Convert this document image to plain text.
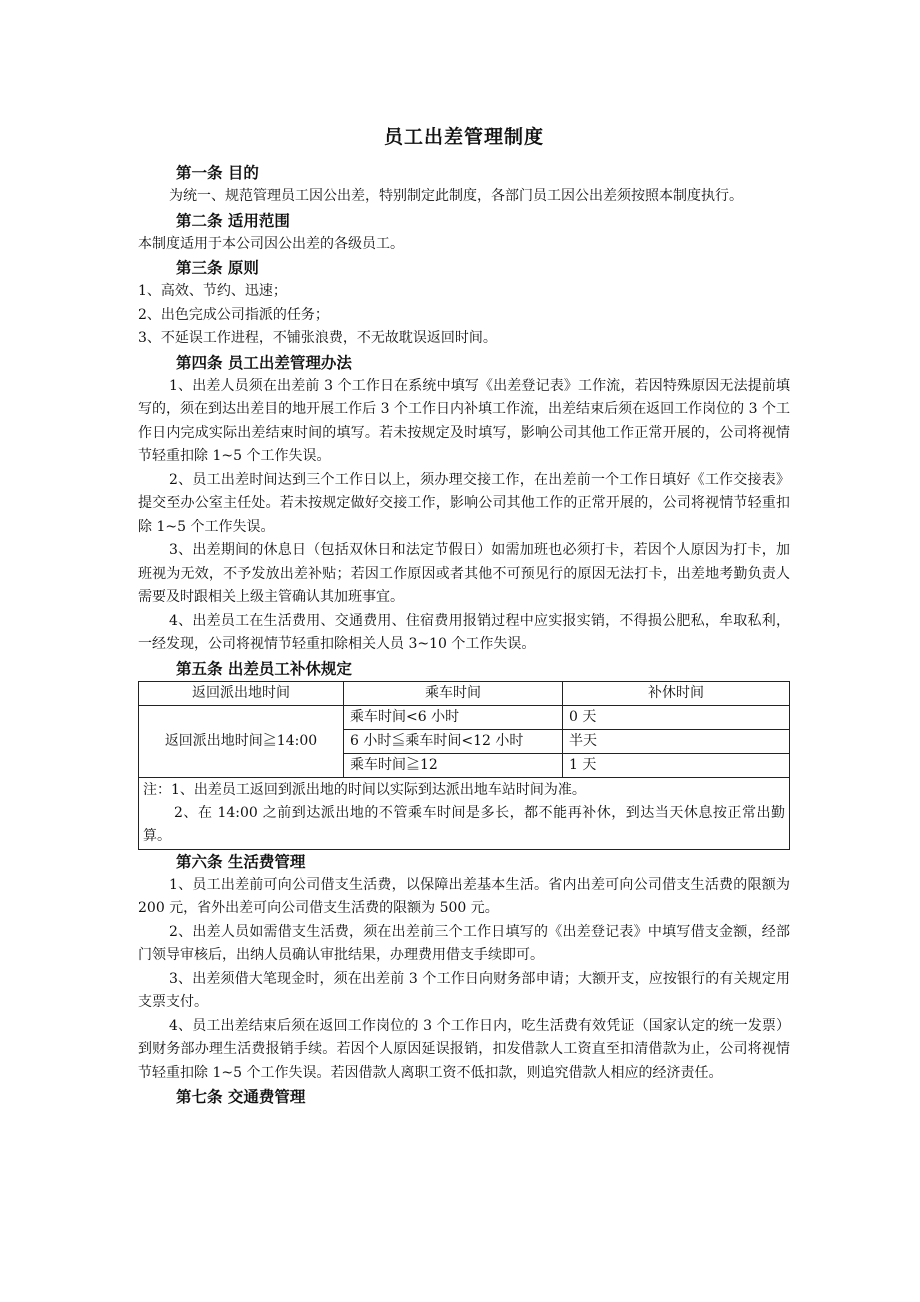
员工出差管理制度
第一条 目的

为统一、规范管理员工因公出差，特别制定此制度，各部门员工因公出差须按照本制度执行。

第二条 适用范围

本制度适用于本公司因公出差的各级员工。

第三条 原则

1、高效、节约、迅速；

2、出色完成公司指派的任务；

3、不延误工作进程，不铺张浪费，不无故耽误返回时间。

第四条 员工出差管理办法

1、出差人员须在出差前 3 个工作日在系统中填写《出差登记表》工作流，若因特殊原因无法提前填写的，须在到达出差目的地开展工作后 3 个工作日内补填工作流，出差结束后须在返回工作岗位的 3 个工作日内完成实际出差结束时间的填写。若未按规定及时填写，影响公司其他工作正常开展的，公司将视情节轻重扣除 1~5 个工作失误。

2、员工出差时间达到三个工作日以上，须办理交接工作，在出差前一个工作日填好《工作交接表》提交至办公室主任处。若未按规定做好交接工作，影响公司其他工作的正常开展的，公司将视情节轻重扣除 1~5 个工作失误。

3、出差期间的休息日（包括双休日和法定节假日）如需加班也必须打卡，若因个人原因为打卡，加班视为无效，不予发放出差补贴；若因工作原因或者其他不可预见行的原因无法打卡，出差地考勤负责人需要及时跟相关上级主管确认其加班事宜。

4、出差员工在生活费用、交通费用、住宿费用报销过程中应实报实销，不得损公肥私，牟取私利，一经发现，公司将视情节轻重扣除相关人员 3~10 个工作失误。

第五条 出差员工补休规定
返回派出地时间	乘车时间	补休时间
返回派出地时间≧14:00	乘车时间<6 小时	0 天
	6 小时≦乘车时间<12 小时	半天
	乘车时间≧12	1 天

注：1、出差员工返回到派出地的时间以实际到达派出地车站时间为准。

2、在 14:00 之前到达派出地的不管乘车时间是多长，都不能再补休，到达当天休息按正常出勤算。		

第六条 生活费管理

1、员工出差前可向公司借支生活费，以保障出差基本生活。省内出差可向公司借支生活费的限额为 200 元，省外出差可向公司借支生活费的限额为 500 元。

2、出差人员如需借支生活费，须在出差前三个工作日填写的《出差登记表》中填写借支金额，经部门领导审核后，出纳人员确认审批结果，办理费用借支手续即可。

3、出差须借大笔现金时，须在出差前 3 个工作日向财务部申请；大额开支，应按银行的有关规定用支票支付。

4、员工出差结束后须在返回工作岗位的 3 个工作日内，吃生活费有效凭证（国家认定的统一发票）到财务部办理生活费报销手续。若因个人原因延误报销，扣发借款人工资直至扣清借款为止，公司将视情节轻重扣除 1~5 个工作失误。若因借款人离职工资不低扣款，则追究借款人相应的经济责任。

第七条 交通费管理
